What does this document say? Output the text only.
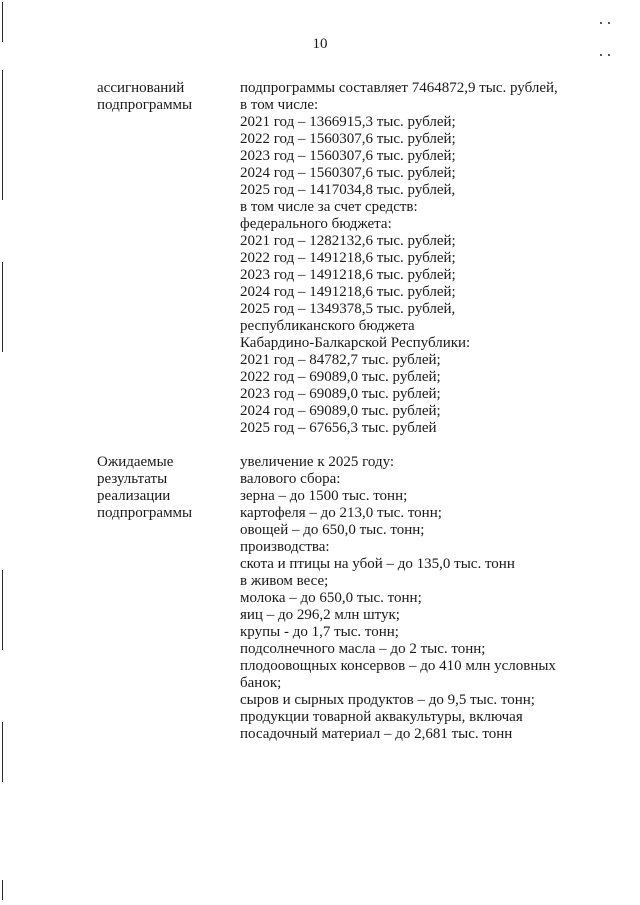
10
ассигнований
подпрограммы
подпрограммы составляет 7464872,9 тыс. рублей,
в том числе:
2021 год – 1366915,3 тыс. рублей;
2022 год – 1560307,6 тыс. рублей;
2023 год – 1560307,6 тыс. рублей;
2024 год – 1560307,6 тыс. рублей;
2025 год – 1417034,8 тыс. рублей,
в том числе за счет средств:
федерального бюджета:
2021 год – 1282132,6 тыс. рублей;
2022 год – 1491218,6 тыс. рублей;
2023 год – 1491218,6 тыс. рублей;
2024 год – 1491218,6 тыс. рублей;
2025 год – 1349378,5 тыс. рублей,
республиканского бюджета
Кабардино-Балкарской Республики:
2021 год – 84782,7 тыс. рублей;
2022 год – 69089,0 тыс. рублей;
2023 год – 69089,0 тыс. рублей;
2024 год – 69089,0 тыс. рублей;
2025 год – 67656,3 тыс. рублей
Ожидаемые
результаты
реализации
подпрограммы
увеличение к 2025 году:
валового сбора:
зерна – до 1500 тыс. тонн;
картофеля – до 213,0 тыс. тонн;
овощей – до 650,0 тыс. тонн;
производства:
скота и птицы на убой – до 135,0 тыс. тонн
в живом весе;
молока – до 650,0 тыс. тонн;
яиц – до 296,2 млн штук;
крупы - до 1,7 тыс. тонн;
подсолнечного масла – до 2 тыс. тонн;
плодоовощных консервов – до 410 млн условных
банок;
сыров и сырных продуктов – до 9,5 тыс. тонн;
продукции товарной аквакультуры, включая
посадочный материал – до 2,681 тыс. тонн
